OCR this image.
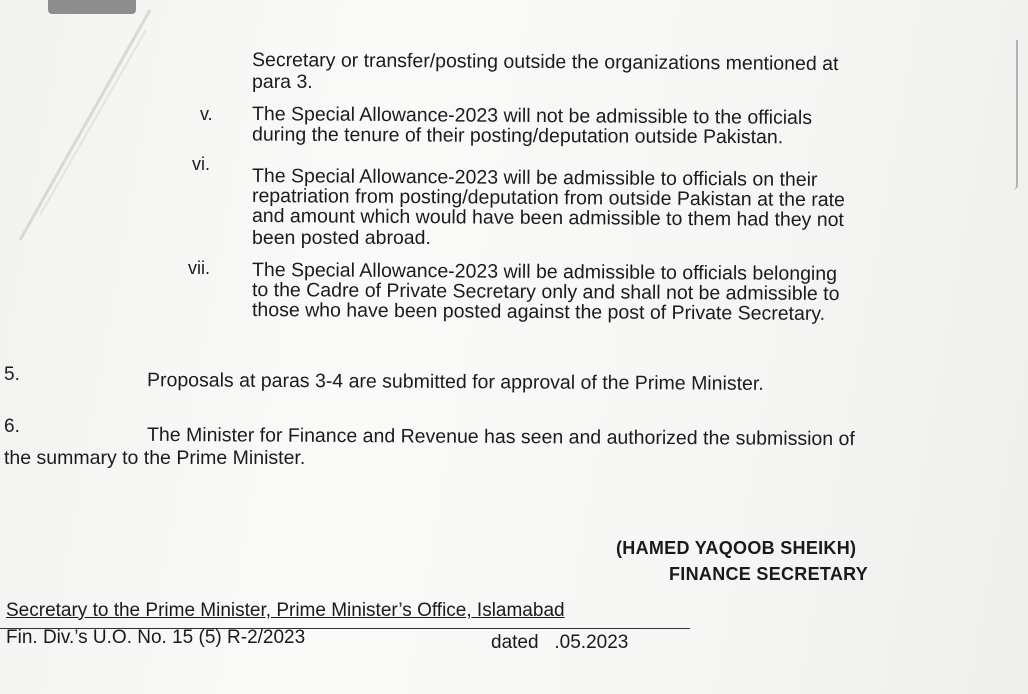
Secretary or transfer/posting outside the organizations mentioned at
para 3.
v. The Special Allowance-2023 will not be admissible to the officials
during the tenure of their posting/deputation outside Pakistan.
vi.
The Special Allowance-2023 will be admissible to officials on their
repatriation from posting/deputation from outside Pakistan at the rate
and amount which would have been admissible to them had they not
been posted abroad.
vii. The Special Allowance-2023 will be admissible to officials belonging
to the Cadre of Private Secretary only and shall not be admissible to
those who have been posted against the post of Private Secretary.
5.	Proposals at paras 3-4 are submitted for approval of the Prime Minister.
6.	The Minister for Finance and Revenue has seen and authorized the submission of
the summary to the Prime Minister.
(HAMED YAQOOB SHEIKH)
FINANCE SECRETARY
Secretary to the Prime Minister, Prime Minister’s Office, Islamabad
Fin. Div.’s U.O. No. 15 (5) R-2/2023	dated   .05.2023
